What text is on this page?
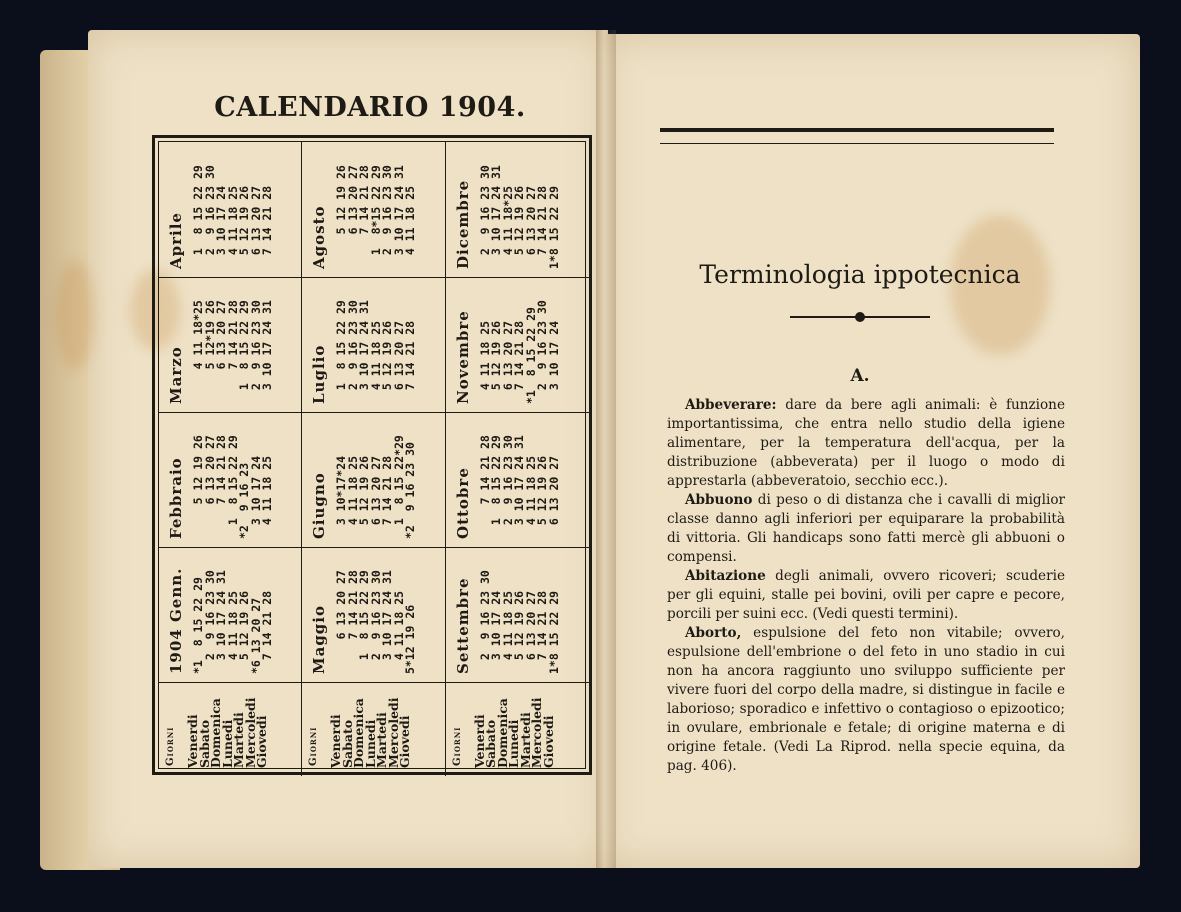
CALENDARIO 1904.
Giorni Venerdi
Sabato
Domenica
Lunedi
Martedi
Mercoledi
Giovedi
1904 Genn. *1  8 15 22 29
2  9 16 23 30
3 10 17 24 31
4 11 18 25
5 12 19 26
*6 13 20 27
7 14 21 28
Febbraio 5 12 19 26
6 13 20 27
7 14 21 28
1  8 15 22 29
*2  9 16 23
3 10 17 24
4 11 18 25
Marzo 4 11 18*25
5 12*19 26
6 13 20 27
7 14 21 28
1  8 15 22 29
2  9 16 23 30
3 10 17 24 31
Aprile 1  8 15 22 29
2  9 16 23 30
3 10 17 24
4 11 18 25
5 12 19 26
6 13 20 27
7 14 21 28
Giorni Venerdi
Sabato
Domenica
Lunedi
Martedi
Mercoledi
Giovedi
Maggio 6 13 20 27
7 14 21 28
1  8 15 22 29
2  9 16 23 30
3 10 17 24 31
4 11 18 25
5*12 19 26
Giugno 3 10*17*24
4 11 18 25
5 12 19 26
6 13 20 27
7 14 21 28
1  8 15 22*29
*2  9 16 23 30
Luglio 1  8 15 22 29
2  9 16 23 30
3 10 17 24 31
4 11 18 25
5 12 19 26
6 13 20 27
7 14 21 28
Agosto 5 12 19 26
6 13 20 27
7 14 21 28
1  8*15 22 29
2  9 16 23 30
3 10 17 24 31
4 11 18 25
Giorni Venerdi
Sabato
Domenica
Lunedi
Martedi
Mercoledi
Giovedi
Settembre 2  9 16 23 30
3 10 17 24
4 11 18 25
5 12 19 26
6 13 20 27
7 14 21 28
1*8 15 22 29
Ottobre 7 14 21 28
1  8 15 22 29
2  9 16 23 30
3 10 17 24 31
4 11 18 25
5 12 19 26
6 13 20 27
Novembre 4 11 18 25
5 12 19 26
6 13 20 27
7 14 21 28
*1  8 15 22 29
2  9 16 23 30
3 10 17 24
Dicembre 2  9 16 23 30
3 10 17 24 31
4 11 18*25
5 12 19 26
6 13 20 27
7 14 21 28
1*8 15 22 29
Terminologia ippotecnica
A.

Abbeverare: dare da bere agli animali: è funzione importantissima, che entra nello studio della igiene alimentare, per la temperatura dell'acqua, per la distribuzione (abbeverata) per il luogo o modo di apprestarla (abbeveratoio, secchio ecc.).

Abbuono di peso o di distanza che i cavalli di miglior classe danno agli inferiori per equiparare la probabilità di vittoria. Gli handicaps sono fatti mercè gli abbuoni o compensi.

Abitazione degli animali, ovvero ricoveri; scuderie per gli equini, stalle pei bovini, ovili per capre e pecore, porcili per suini ecc. (Vedi questi termini).

Aborto, espulsione del feto non vitabile; ovvero, espulsione dell'embrione o del feto in uno stadio in cui non ha ancora raggiunto uno sviluppo sufficiente per vivere fuori del corpo della madre, si distingue in facile e laborioso; sporadico e infettivo o contagioso o epizootico; in ovulare, embrionale e fetale; di origine materna e di origine fetale. (Vedi La Riprod. nella specie equina, da pag. 406).
